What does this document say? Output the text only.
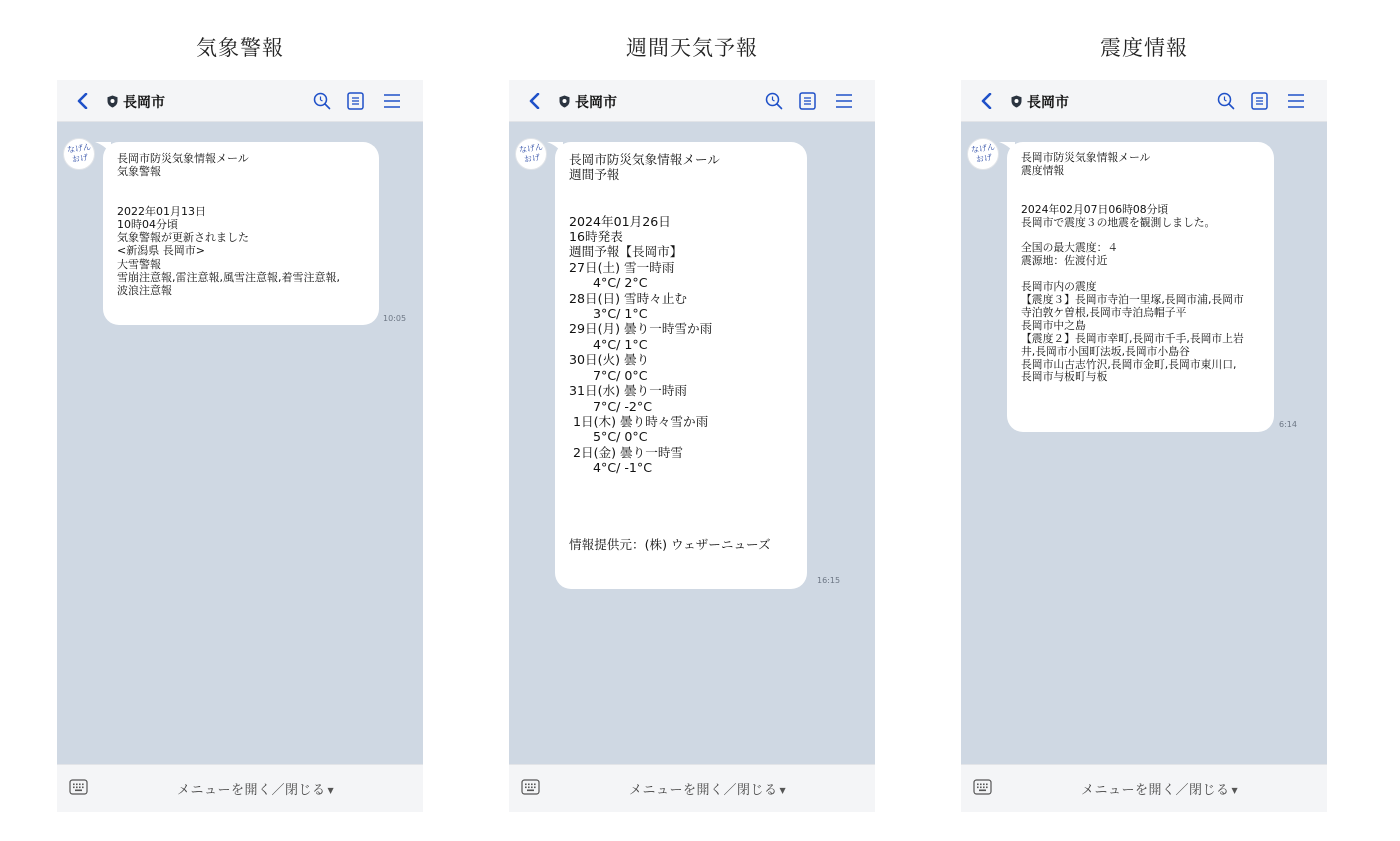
気象警報
長岡市
なげん
おげ	長岡市防災気象情報メール
気象警報

2022年01月13日
10時04分頃
気象警報が更新されました
<新潟県 長岡市>
大雪警報
雪崩注意報,雷注意報,風雪注意報,着雪注意報,
波浪注意報
10:05
メニューを開く／閉じる ▼
週間天気予報
長岡市
なげん
おげ	長岡市防災気象情報メール
週間予報

2024年01月26日
16時発表
週間予報【長岡市】
27日(土) 雪一時雨
4°C/ 2°C
28日(日) 雪時々止む
3°C/ 1°C
29日(月) 曇り一時雪か雨
4°C/ 1°C
30日(火) 曇り
7°C/ 0°C
31日(水) 曇り一時雨
7°C/ -2°C
1日(木) 曇り時々雪か雨
5°C/ 0°C
2日(金) 曇り一時雪
4°C/ -1°C

情報提供元：(株) ウェザーニューズ
16:15
メニューを開く／閉じる ▼
震度情報
長岡市
なげん
おげ	長岡市防災気象情報メール
震度情報

2024年02月07日06時08分頃
長岡市で震度３の地震を観測しました。

全国の最大震度：４
震源地：佐渡付近

長岡市内の震度
【震度３】長岡市寺泊一里塚,長岡市浦,長岡市
寺泊敦ケ曽根,長岡市寺泊烏帽子平
長岡市中之島
【震度２】長岡市幸町,長岡市千手,長岡市上岩
井,長岡市小国町法坂,長岡市小島谷
長岡市山古志竹沢,長岡市金町,長岡市東川口,
長岡市与板町与板
6:14
メニューを開く／閉じる ▼
